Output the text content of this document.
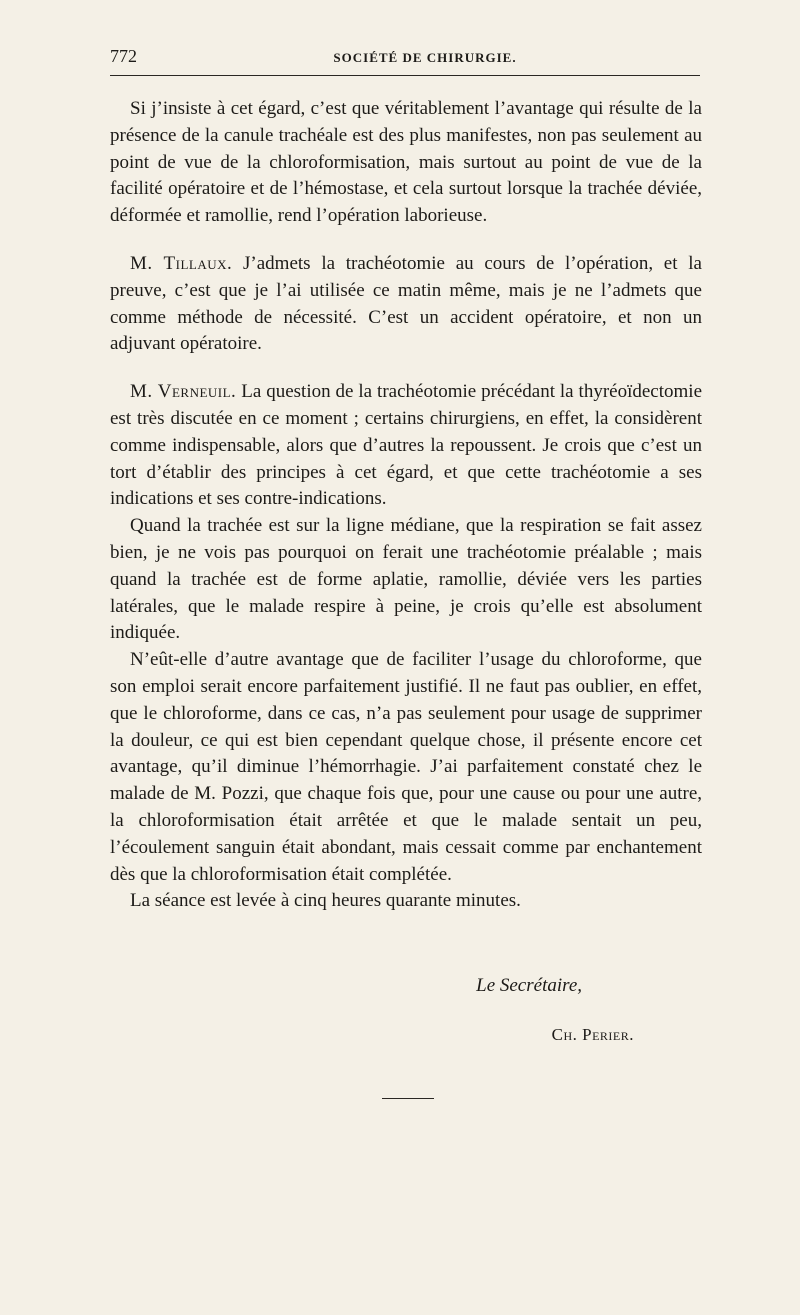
772	SOCIÉTÉ DE CHIRURGIE.

Si j’insiste à cet égard, c’est que véritablement l’avantage qui résulte de la présence de la canule trachéale est des plus manifestes, non pas seulement au point de vue de la chloroformisation, mais surtout au point de vue de la facilité opératoire et de l’hémostase, et cela surtout lorsque la trachée déviée, déformée et ramollie, rend l’opération laborieuse.

M. Tillaux. J’admets la trachéotomie au cours de l’opération, et la preuve, c’est que je l’ai utilisée ce matin même, mais je ne l’admets que comme méthode de nécessité. C’est un accident opératoire, et non un adjuvant opératoire.

M. Verneuil. La question de la trachéotomie précédant la thyréoïdectomie est très discutée en ce moment ; certains chirurgiens, en effet, la considèrent comme indispensable, alors que d’autres la repoussent. Je crois que c’est un tort d’établir des principes à cet égard, et que cette trachéotomie a ses indications et ses contre-indications.

Quand la trachée est sur la ligne médiane, que la respiration se fait assez bien, je ne vois pas pourquoi on ferait une trachéotomie préalable ; mais quand la trachée est de forme aplatie, ramollie, déviée vers les parties latérales, que le malade respire à peine, je crois qu’elle est absolument indiquée.

N’eût-elle d’autre avantage que de faciliter l’usage du chloroforme, que son emploi serait encore parfaitement justifié. Il ne faut pas oublier, en effet, que le chloroforme, dans ce cas, n’a pas seulement pour usage de supprimer la douleur, ce qui est bien cependant quelque chose, il présente encore cet avantage, qu’il diminue l’hémorrhagie. J’ai parfaitement constaté chez le malade de M. Pozzi, que chaque fois que, pour une cause ou pour une autre, la chloroformisation était arrêtée et que le malade sentait un peu, l’écoulement sanguin était abondant, mais cessait comme par enchantement dès que la chloroformisation était complétée.

La séance est levée à cinq heures quarante minutes.

Le Secrétaire,
Ch. Perier.
